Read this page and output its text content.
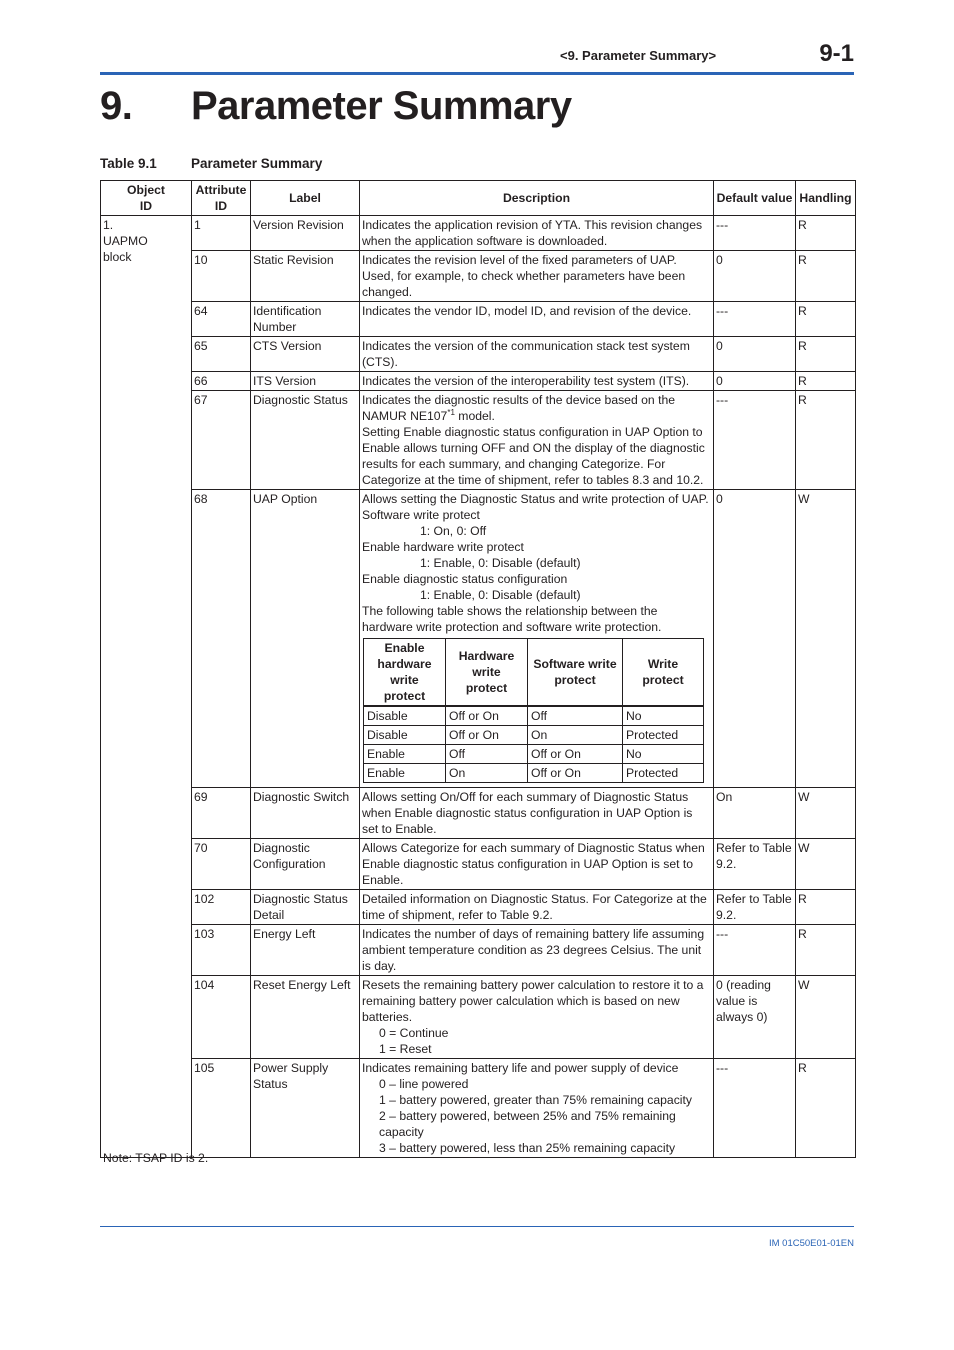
<9. Parameter Summary>	9-1
9. Parameter Summary
Table 9.1	Parameter Summary
Object
ID

Attribute
ID
	Label	Description	Default value	Handling

1.
UAPMO
block
	1	Version Revision	Indicates the application revision of YTA. This revision changes when the application software is downloaded.	---	R
10	Static Revision	Indicates the revision level of the fixed parameters of UAP. Used, for example, to check whether parameters have been changed.	0	R
64	Identification Number	Indicates the vendor ID, model ID, and revision of the device.	---	R
65	CTS Version	Indicates the version of the communication stack test system (CTS).	0	R
66	ITS Version	Indicates the version of the interoperability test system (ITS).	0	R
67	Diagnostic Status	Indicates the diagnostic results of the device based on the NAMUR NE107$^{*1}$ model.
Setting Enable diagnostic status configuration in UAP Option to Enable allows turning OFF and ON the display of the diagnostic results for each summary, and changing Categorize. For Categorize at the time of shipment, refer to tables 8.3 and 10.2.
	---	R
68	UAP Option	Allows setting the Diagnostic Status and write protection of UAP.
Software write protect
1: On, 0: Off
Enable hardware write protect
1: Enable, 0: Disable (default)
Enable diagnostic status configuration
1: Enable, 0: Disable (default)
The following table shows the relationship between the hardware write protection and software write protection.
Enable
hardware
write
protect

Hardware
write
protect

Software write
protect

Write
protect

Disable	Off or On	Off	No
Disable	Off or On	On	Protected
Enable	Off	Off or On	No
Enable	On	Off or On	Protected
	0	W
69	Diagnostic Switch	Allows setting On/Off for each summary of Diagnostic Status when Enable diagnostic status configuration in UAP Option is set to Enable.	On	W
70	Diagnostic Configuration	Allows Categorize for each summary of Diagnostic Status when Enable diagnostic status configuration in UAP Option is set to Enable.	Refer to Table 9.2.	W
102	Diagnostic Status Detail	Detailed information on Diagnostic Status. For Categorize at the time of shipment, refer to Table 9.2.	Refer to Table 9.2.	R
103	Energy Left	Indicates the number of days of remaining battery life assuming ambient temperature condition as 23 degrees Celsius. The unit is day.	---	R
104	Reset Energy Left	Resets the remaining battery power calculation to restore it to a remaining battery power calculation which is based on new batteries.
0 = Continue
1 = Reset
	0 (reading value is always 0)	W
105	Power Supply Status	
Indicates remaining battery life and power supply of device
0 – line powered
1 – battery powered, greater than 75% remaining capacity
2 – battery powered, between 25% and 75% remaining capacity
3 – battery powered, less than 25% remaining capacity
	---	R
Note: TSAP ID is 2.
IM 01C50E01-01EN
